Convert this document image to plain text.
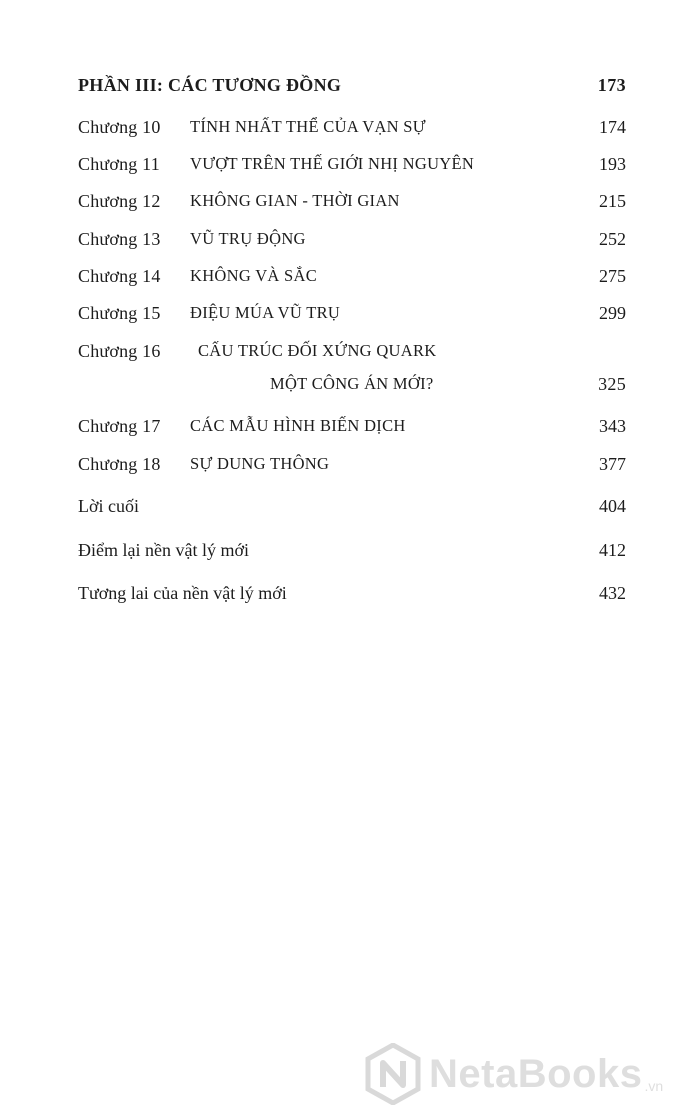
PHẦN III: CÁC TƯƠNG ĐỒNG	173
Chương 10 TÍNH NHẤT THỂ CỦA VẠN SỰ	174
Chương 11 VƯỢT TRÊN THẾ GIỚI NHỊ NGUYÊN	193
Chương 12 KHÔNG GIAN - THỜI GIAN	215
Chương 13 VŨ TRỤ ĐỘNG	252
Chương 14 KHÔNG VÀ SẮC	275
Chương 15 ĐIỆU MÚA VŨ TRỤ	299
Chương 16 CẤU TRÚC ĐỐI XỨNG QUARK
MỘT CÔNG ÁN MỚI?	325
Chương 17 CÁC MẪU HÌNH BIẾN DỊCH	343
Chương 18 SỰ DUNG THÔNG	377
Lời cuối	404
Điểm lại nền vật lý mới	412
Tương lai của nền vật lý mới	432
NetaBooks .vn
